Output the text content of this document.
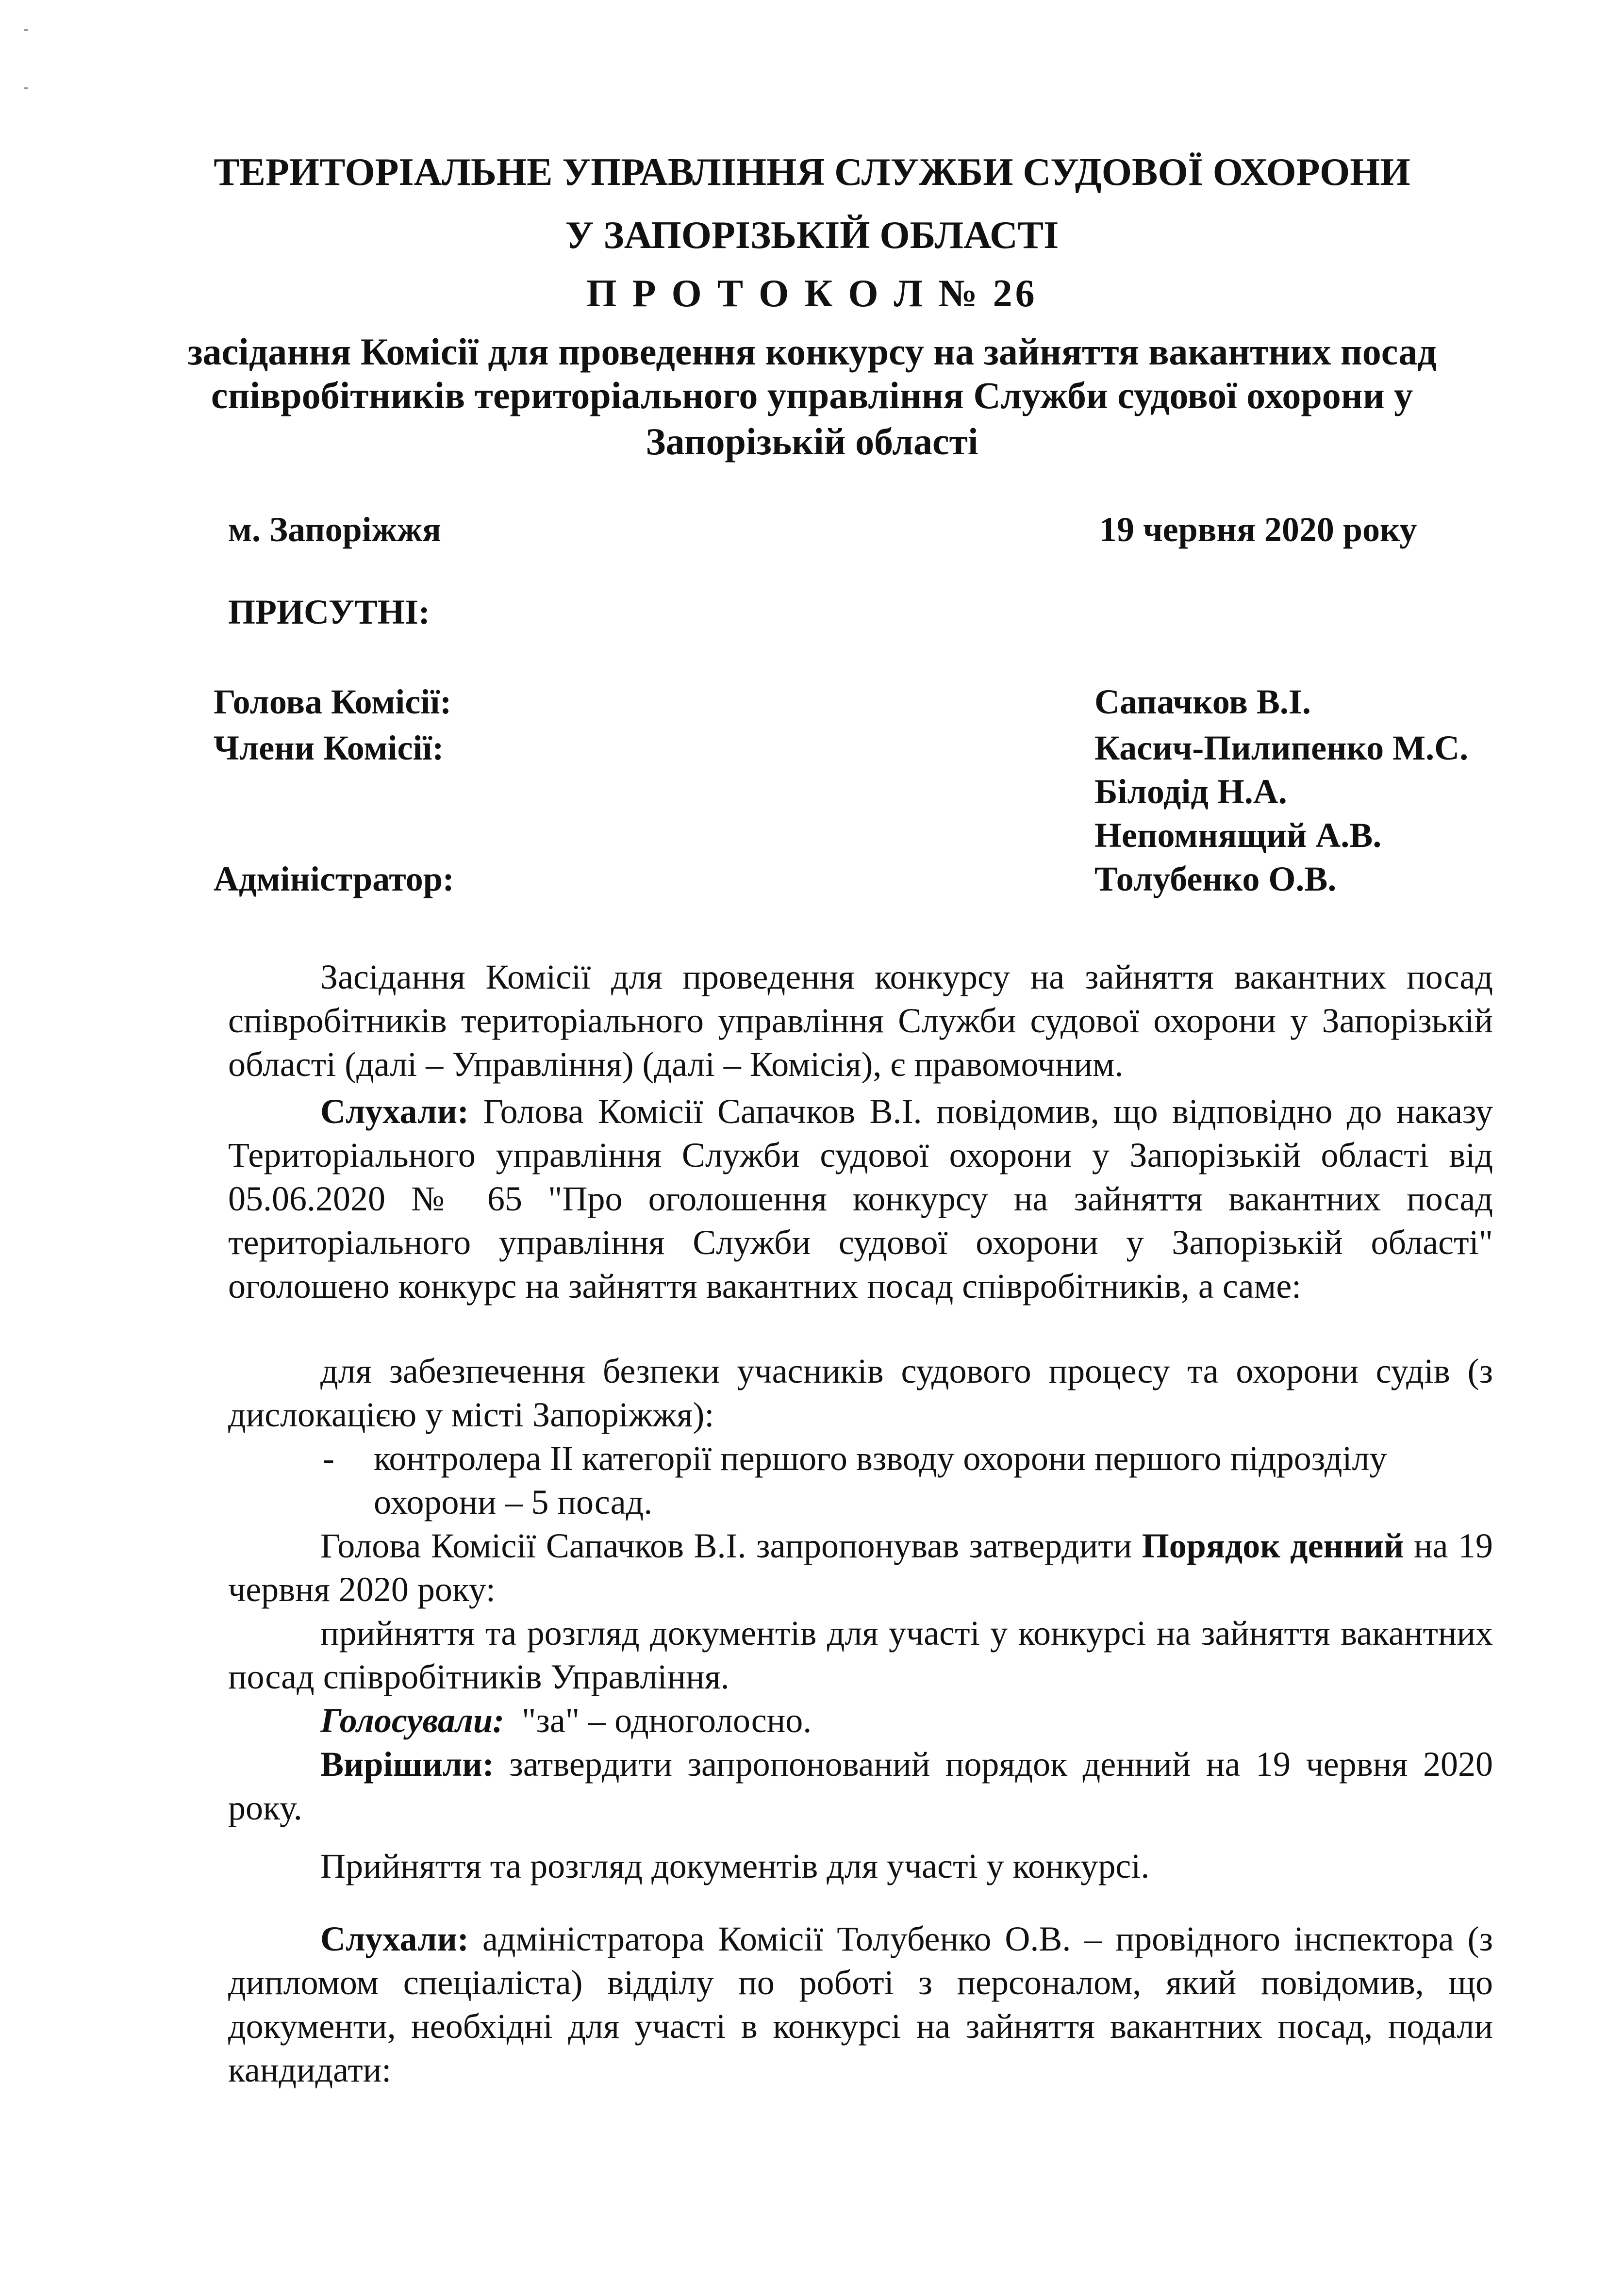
ТЕРИТОРІАЛЬНЕ УПРАВЛІННЯ СЛУЖБИ СУДОВОЇ ОХОРОНИ
У ЗАПОРІЗЬКІЙ ОБЛАСТІ
П Р О Т О К О Л № 26
засідання Комісії для проведення конкурсу на зайняття вакантних посад
співробітників територіального управління Служби судової охорони у
Запорізькій області
м. Запоріжжя	19 червня 2020 року
ПРИСУТНІ:
Голова Комісії:	Сапачков В.І.
Члени Комісії:	Касич-Пилипенко М.С.
Білодід Н.А.
Непомнящий А.В.
Адміністратор:	Толубенко О.В.
Засідання Комісії для проведення конкурсу на зайняття вакантних посад співробітників територіального управління Служби судової охорони у Запорізькій області (далі – Управління) (далі – Комісія), є правомочним.
Слухали: Голова Комісії Сапачков В.І. повідомив, що відповідно до наказу Територіального управління Служби судової охорони у Запорізькій області від 05.06.2020 № 65 "Про оголошення конкурсу на зайняття вакантних посад територіального управління Служби судової охорони у Запорізькій області" оголошено конкурс на зайняття вакантних посад співробітників, а саме:
для забезпечення безпеки учасників судового процесу та охорони судів (з дислокацією у місті Запоріжжя):
- контролера ІІ категорії першого взводу охорони першого підрозділу
охорони – 5 посад.
Голова Комісії Сапачков В.І. запропонував затвердити Порядок денний на 19 червня 2020 року:
прийняття та розгляд документів для участі у конкурсі на зайняття вакантних посад співробітників Управління.
Голосували:  "за" – одноголосно.
Вирішили: затвердити запропонований порядок денний на 19 червня 2020 року.
Прийняття та розгляд документів для участі у конкурсі.
Слухали: адміністратора Комісії Толубенко О.В. – провідного інспектора (з дипломом спеціаліста) відділу по роботі з персоналом, який повідомив, що документи, необхідні для участі в конкурсі на зайняття вакантних посад, подали кандидати:
